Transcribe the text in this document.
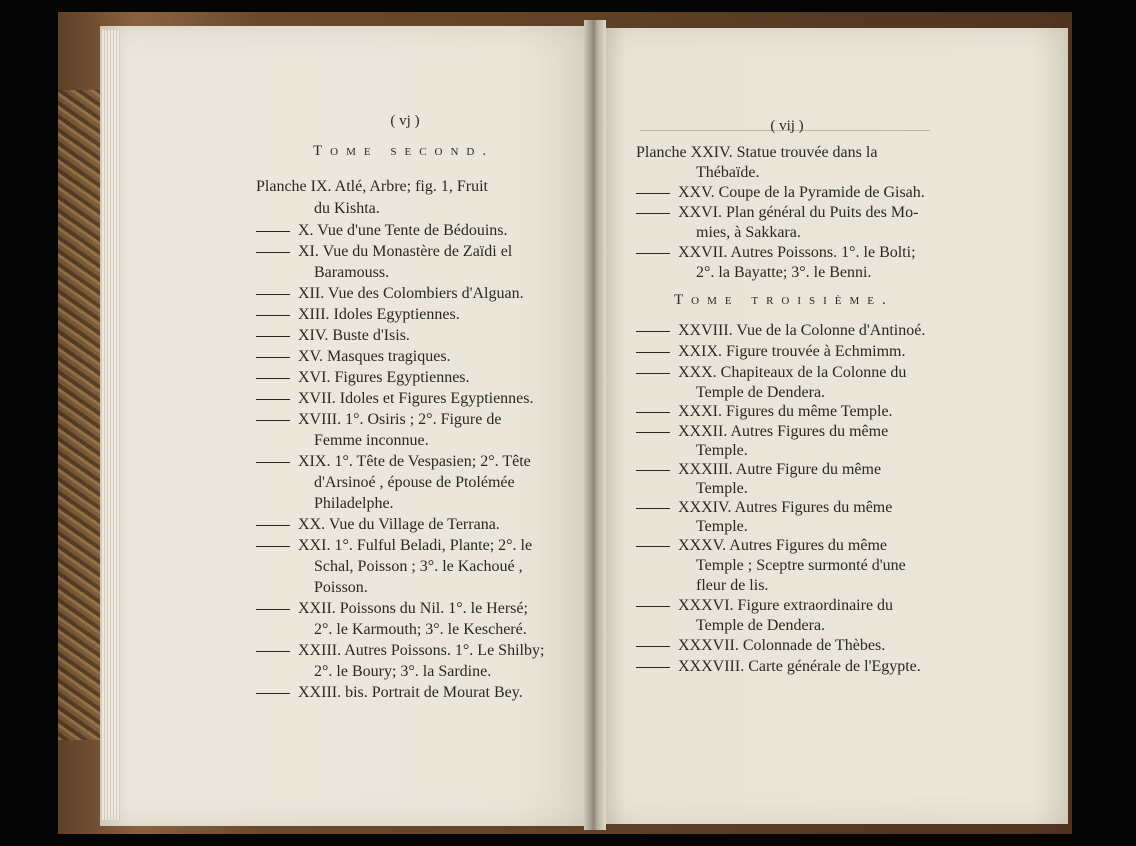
( vj )
Tome second.
Planche IX. Atlé, Arbre; fig. 1, Fruit
du Kishta.
X. Vue d'une Tente de Bédouins.
XI. Vue du Monastère de Zaïdi el
Baramouss.
XII. Vue des Colombiers d'Alguan.
XIII. Idoles Egyptiennes.
XIV. Buste d'Isis.
XV. Masques tragiques.
XVI. Figures Egyptiennes.
XVII. Idoles et Figures Egyptiennes.
XVIII. 1°. Osiris ; 2°. Figure de
Femme inconnue.
XIX. 1°. Tête de Vespasien; 2°. Tête
d'Arsinoé , épouse de Ptolémée
Philadelphe.
XX. Vue du Village de Terrana.
XXI. 1°. Fulful Beladi, Plante; 2°. le
Schal, Poisson ; 3°. le Kachoué ,
Poisson.
XXII. Poissons du Nil. 1°. le Hersé;
2°. le Karmouth; 3°. le Kescheré.
XXIII. Autres Poissons. 1°. Le Shilby;
2°. le Boury; 3°. la Sardine.
XXIII. bis. Portrait de Mourat Bey.
( vij )
Planche XXIV. Statue trouvée dans la
Thébaïde.
XXV. Coupe de la Pyramide de Gisah.
XXVI. Plan général du Puits des Mo-
mies, à Sakkara.
XXVII. Autres Poissons. 1°. le Bolti;
2°. la Bayatte; 3°. le Benni.
Tome troisième.
XXVIII. Vue de la Colonne d'Antinoé.
XXIX. Figure trouvée à Echmimm.
XXX. Chapiteaux de la Colonne du
Temple de Dendera.
XXXI. Figures du même Temple.
XXXII. Autres Figures du même
Temple.
XXXIII. Autre Figure du même
Temple.
XXXIV. Autres Figures du même
Temple.
XXXV. Autres Figures du même
Temple ; Sceptre surmonté d'une
fleur de lis.
XXXVI. Figure extraordinaire du
Temple de Dendera.
XXXVII. Colonnade de Thèbes.
XXXVIII. Carte générale de l'Egypte.
